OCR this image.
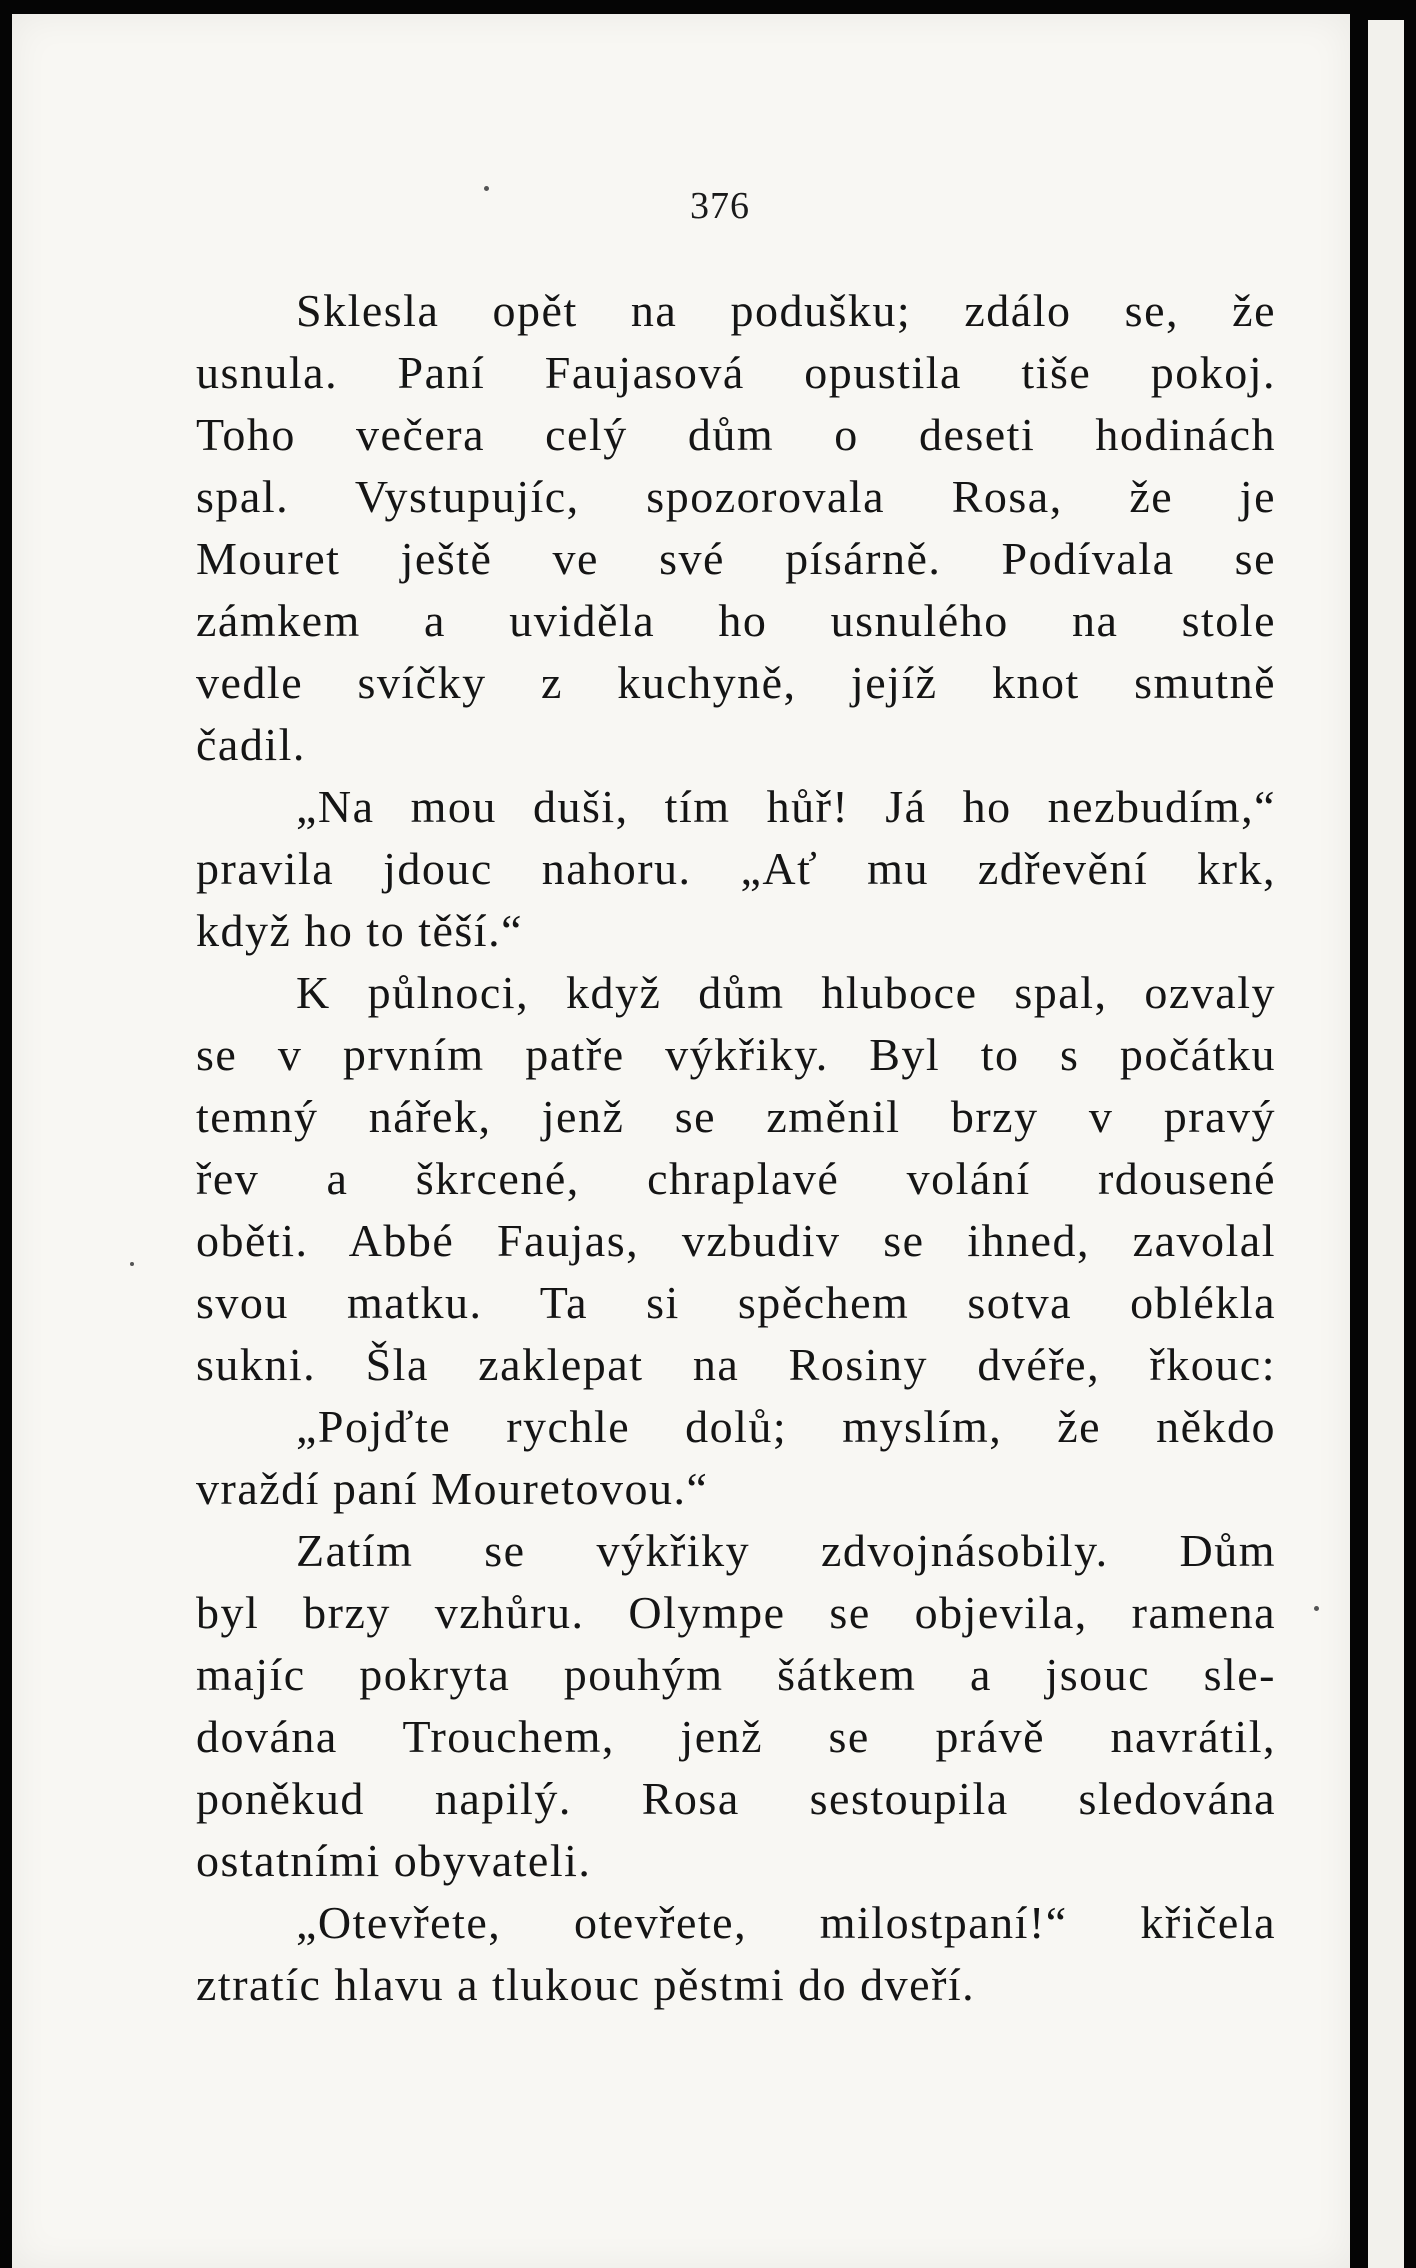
376
Sklesla opět na podušku; zdálo se, že
usnula. Paní Faujasová opustila tiše pokoj.
Toho večera celý dům o deseti hodinách
spal. Vystupujíc, spozorovala Rosa, že je
Mouret ještě ve své písárně. Podívala se
zámkem a uviděla ho usnulého na stole
vedle svíčky z kuchyně, jejíž knot smutně
čadil.
„Na mou duši, tím hůř! Já ho nezbudím,“
pravila jdouc nahoru. „Ať mu zdřevění krk,
když ho to těší.“
K půlnoci, když dům hluboce spal, ozvaly
se v prvním patře výkřiky. Byl to s počátku
temný nářek, jenž se změnil brzy v pravý
řev a škrcené, chraplavé volání rdousené
oběti. Abbé Faujas, vzbudiv se ihned, zavolal
svou matku. Ta si spěchem sotva oblékla
sukni. Šla zaklepat na Rosiny dvéře, řkouc:
„Pojďte rychle dolů; myslím, že někdo
vraždí paní Mouretovou.“
Zatím se výkřiky zdvojnásobily. Dům
byl brzy vzhůru. Olympe se objevila, ramena
majíc pokryta pouhým šátkem a jsouc sle-
dována Trouchem, jenž se právě navrátil,
poněkud napilý. Rosa sestoupila sledována
ostatními obyvateli.
„Otevřete, otevřete, milostpaní!“ křičela
ztratíc hlavu a tlukouc pěstmi do dveří.
